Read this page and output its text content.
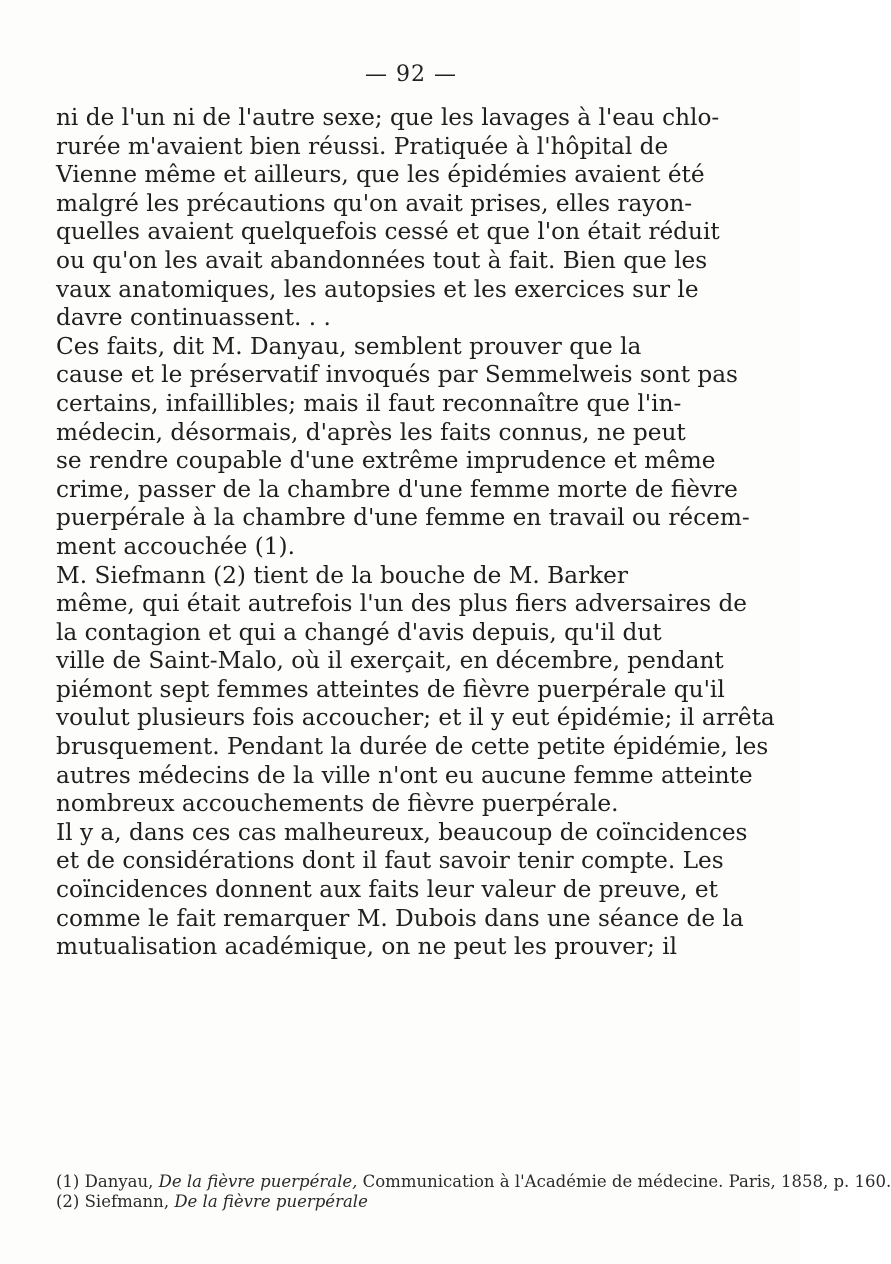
— 92 —
ni de l'un ni de l'autre sexe; que les lavages à l'eau chlo-
rurée m'avaient bien réussi. Pratiquée à l'hôpital de
Vienne même et ailleurs, que les épidémies avaient été
malgré les précautions qu'on avait prises, elles rayon-
quelles avaient quelquefois cessé et que l'on était réduit
ou qu'on les avait abandonnées tout à fait. Bien que les
vaux anatomiques, les autopsies et les exercices sur le
davre continuassent. . .
Ces faits, dit M. Danyau, semblent prouver que la
cause et le préservatif invoqués par Semmelweis sont pas
certains, infaillibles; mais il faut reconnaître que l'in-
médecin, désormais, d'après les faits connus, ne peut
se rendre coupable d'une extrême imprudence et même
crime, passer de la chambre d'une femme morte de fièvre
puerpérale à la chambre d'une femme en travail ou récem-
ment accouchée (1).
M. Siefmann (2) tient de la bouche de M. Barker
même, qui était autrefois l'un des plus fiers adversaires de
la contagion et qui a changé d'avis depuis, qu'il dut
ville de Saint-Malo, où il exerçait, en décembre, pendant
piémont sept femmes atteintes de fièvre puerpérale qu'il
voulut plusieurs fois accoucher; et il y eut épidémie; il arrêta
brusquement. Pendant la durée de cette petite épidémie, les
autres médecins de la ville n'ont eu aucune femme atteinte
nombreux accouchements de fièvre puerpérale.
Il y a, dans ces cas malheureux, beaucoup de coïncidences
et de considérations dont il faut savoir tenir compte. Les
coïncidences donnent aux faits leur valeur de preuve, et
comme le fait remarquer M. Dubois dans une séance de la
mutualisation académique, on ne peut les prouver; il

(1) Danyau, De la fièvre puerpérale, Communication à l'Académie de médecine. Paris, 1858, p. 160.
(2) Siefmann, De la fièvre puerpérale
